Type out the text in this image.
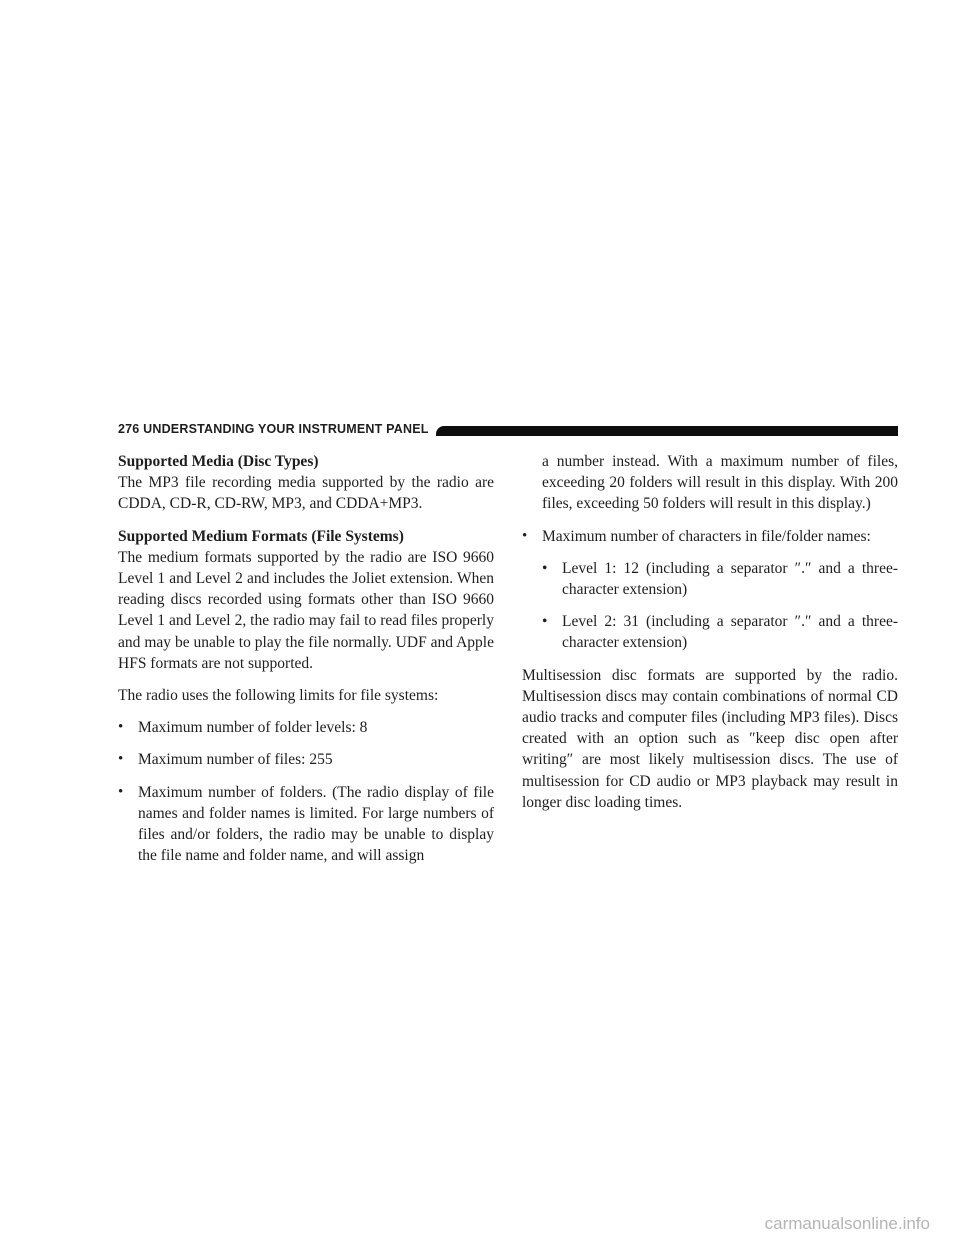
276 UNDERSTANDING YOUR INSTRUMENT PANEL

Supported Media (Disc Types)

The MP3 file recording media supported by the radio are CDDA, CD-R, CD-RW, MP3, and CDDA+MP3.

Supported Medium Formats (File Systems)

The medium formats supported by the radio are ISO 9660 Level 1 and Level 2 and includes the Joliet extension. When reading discs recorded using formats other than ISO 9660 Level 1 and Level 2, the radio may fail to read files properly and may be unable to play the file normally. UDF and Apple HFS formats are not supported.

The radio uses the following limits for file systems:

• Maximum number of folder levels: 8
• Maximum number of files: 255
• Maximum number of folders. (The radio display of file names and folder names is limited. For large numbers of files and/or folders, the radio may be unable to display the file name and folder name, and will assign

a number instead. With a maximum number of files, exceeding 20 folders will result in this display. With 200 files, exceeding 50 folders will result in this display.)

• Maximum number of characters in file/folder names:
• Level 1: 12 (including a separator ″.″ and a three-character extension)
• Level 2: 31 (including a separator ″.″ and a three-character extension)

Multisession disc formats are supported by the radio. Multisession discs may contain combinations of normal CD audio tracks and computer files (including MP3 files). Discs created with an option such as ″keep disc open after writing″ are most likely multisession discs. The use of multisession for CD audio or MP3 playback may result in longer disc loading times.

carmanualsonline.info
